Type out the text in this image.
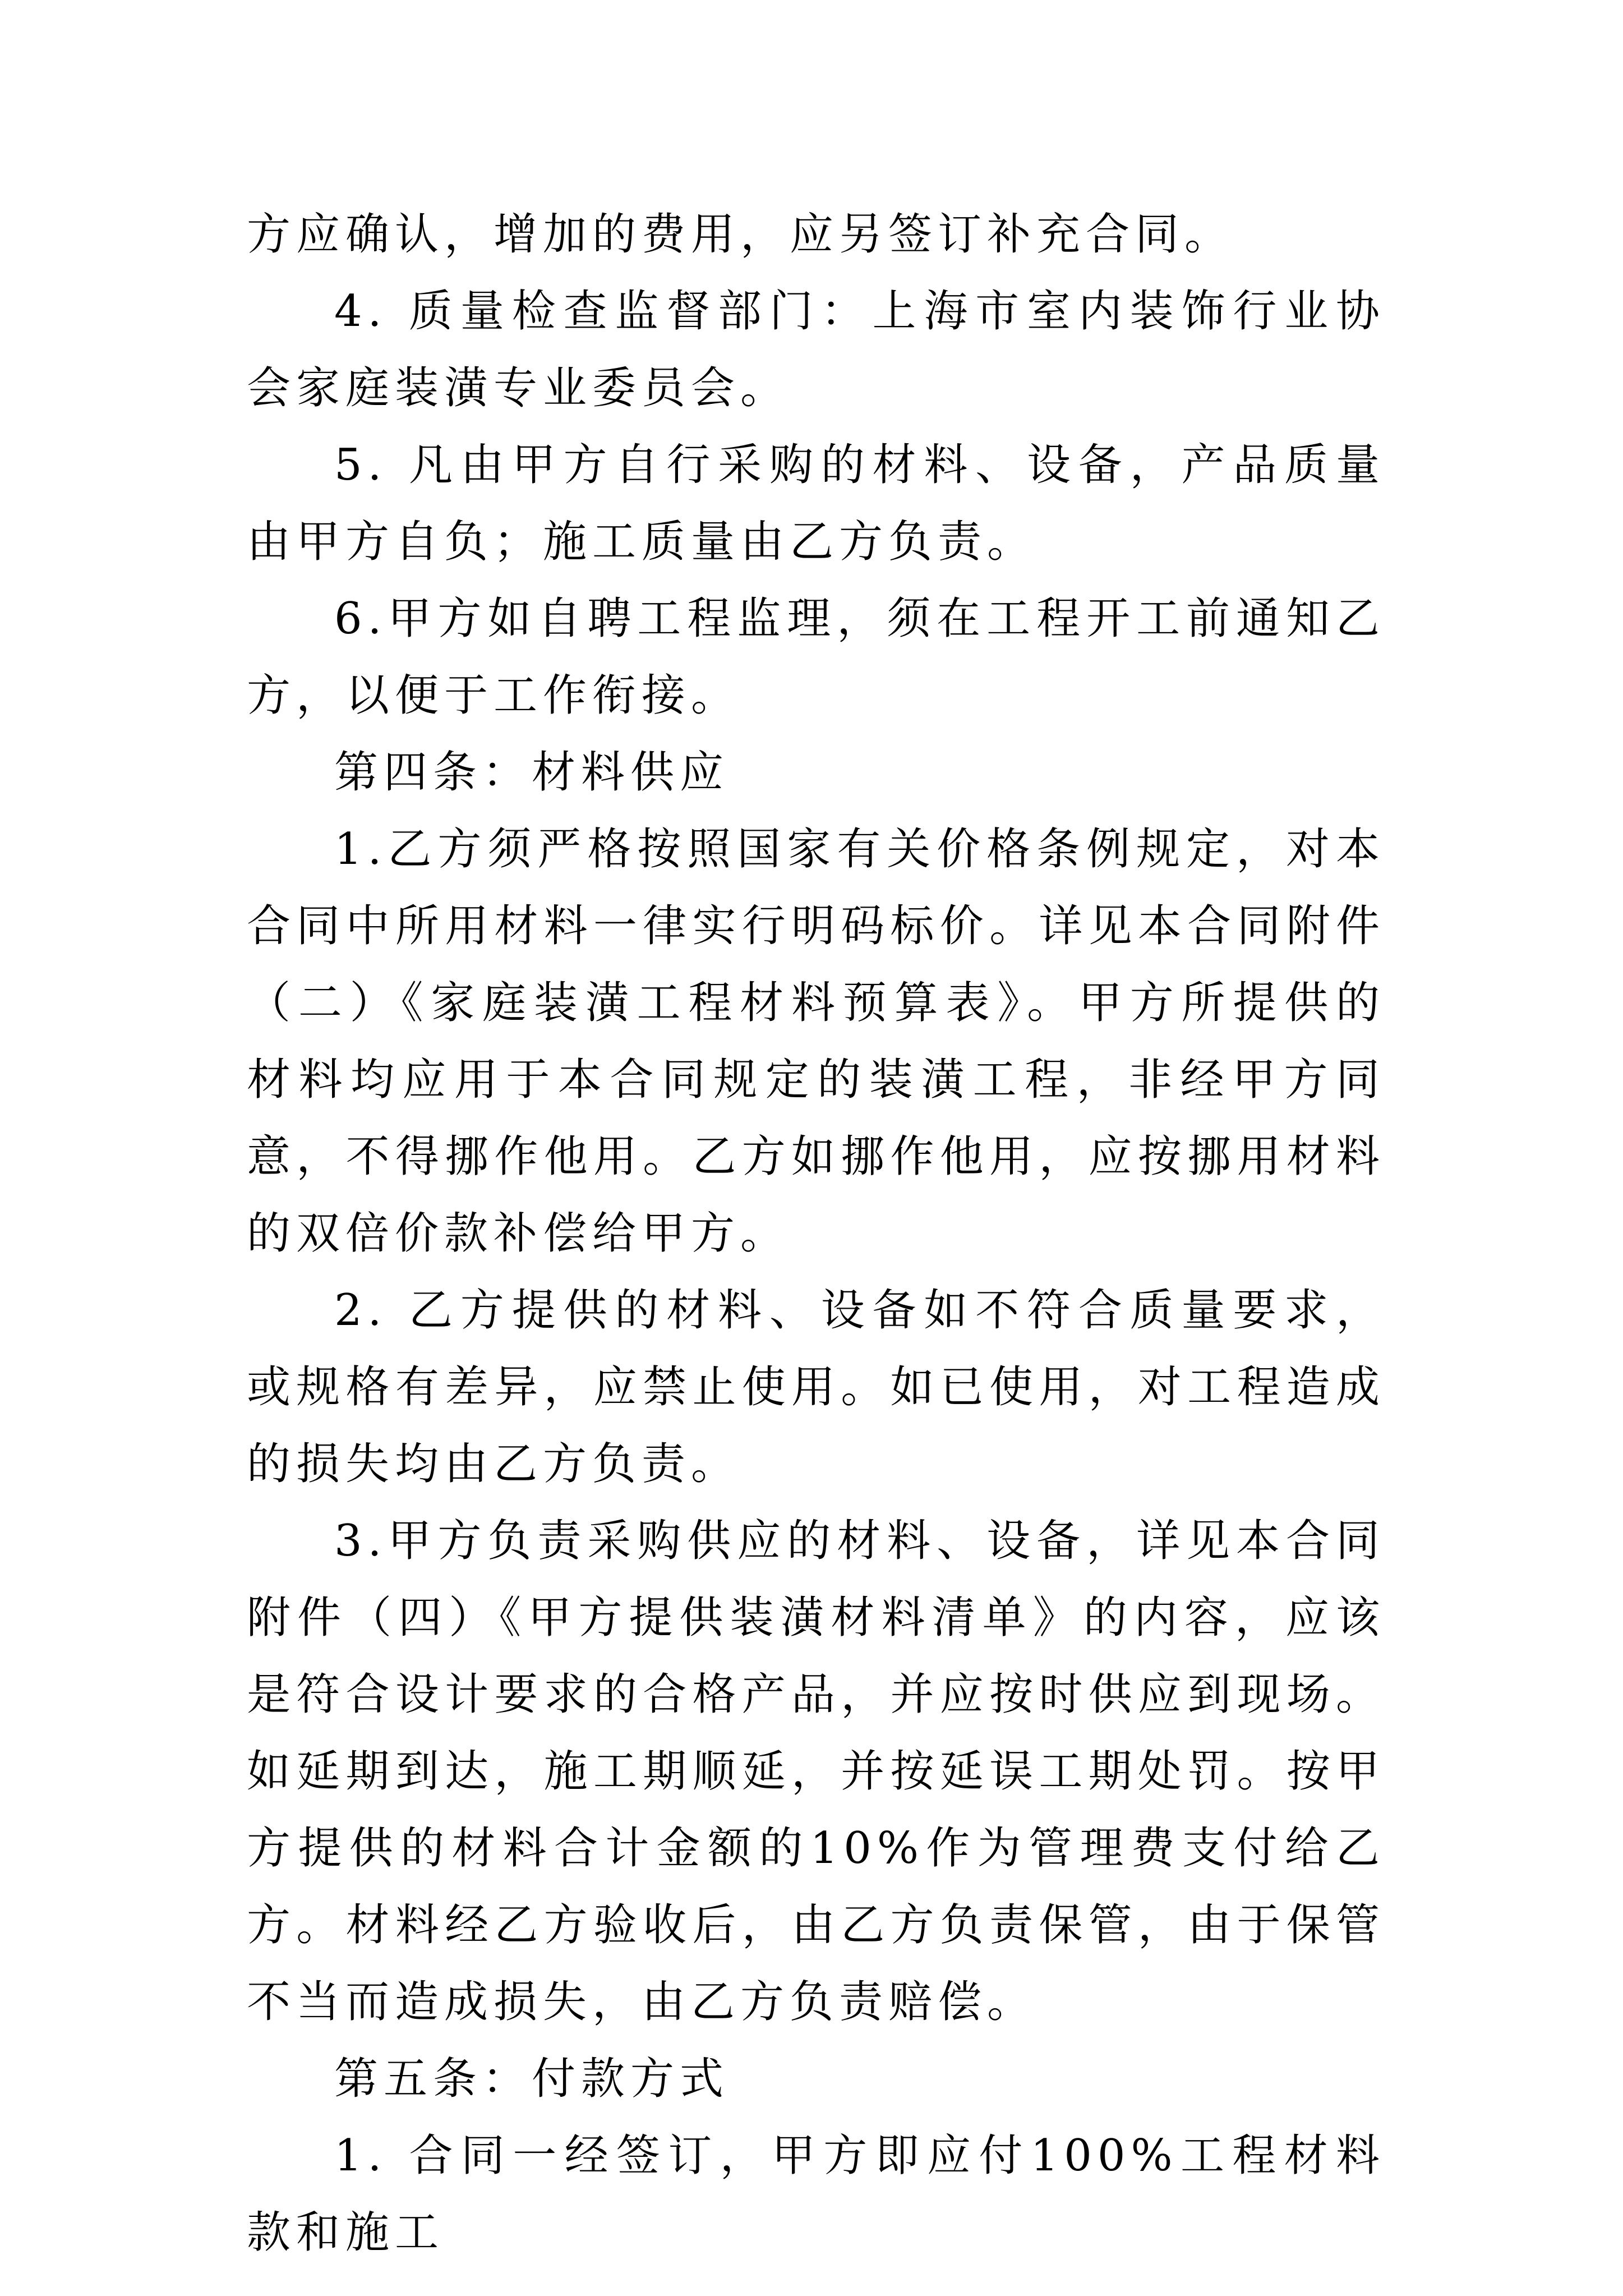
方应确认，增加的费用，应另签订补充合同。

4. 质量检查监督部门：上海市室内装饰行业协会家庭装潢专业委员会。

5. 凡由甲方自行采购的材料、设备，产品质量由甲方自负；施工质量由乙方负责。

6.甲方如自聘工程监理，须在工程开工前通知乙方，以便于工作衔接。

第四条：材料供应

1.乙方须严格按照国家有关价格条例规定，对本合同中所用材料一律实行明码标价。详见本合同附件（二）《家庭装潢工程材料预算表》。甲方所提供的材料均应用于本合同规定的装潢工程，非经甲方同意，不得挪作他用。乙方如挪作他用，应按挪用材料的双倍价款补偿给甲方。

2. 乙方提供的材料、设备如不符合质量要求，或规格有差异，应禁止使用。如已使用，对工程造成的损失均由乙方负责。

3.甲方负责采购供应的材料、设备，详见本合同附件（四）《甲方提供装潢材料清单》的内容，应该是符合设计要求的合格产品，并应按时供应到现场。如延期到达，施工期顺延，并按延误工期处罚。按甲方提供的材料合计金额的10%作为管理费支付给乙方。材料经乙方验收后，由乙方负责保管，由于保管不当而造成损失，由乙方负责赔偿。

第五条：付款方式

1. 合同一经签订，甲方即应付100%工程材料款和施工
